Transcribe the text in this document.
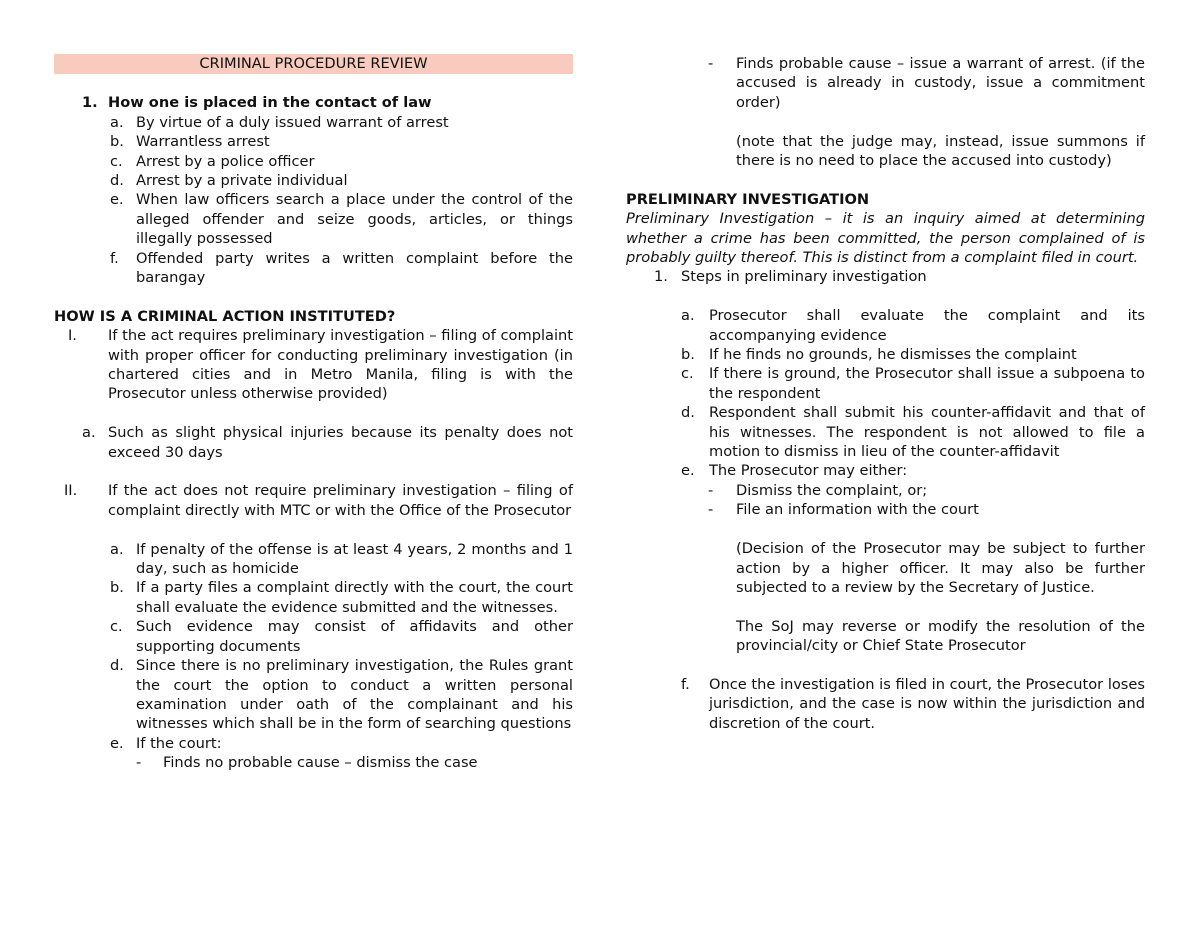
CRIMINAL PROCEDURE REVIEW
1. How one is placed in the contact of law
a. By virtue of a duly issued warrant of arrest
b. Warrantless arrest
c. Arrest by a police officer
d. Arrest by a private individual
e. When law officers search a place under the control of the alleged offender and seize goods, articles, or things illegally possessed
f. Offended party writes a written complaint before the barangay
HOW IS A CRIMINAL ACTION INSTITUTED?
I. If the act requires preliminary investigation – filing of complaint with proper officer for conducting preliminary investigation (in chartered cities and in Metro Manila, filing is with the Prosecutor unless otherwise provided)
a. Such as slight physical injuries because its penalty does not exceed 30 days
II. If the act does not require preliminary investigation – filing of complaint directly with MTC or with the Office of the Prosecutor
a. If penalty of the offense is at least 4 years, 2 months and 1 day, such as homicide
b. If a party files a complaint directly with the court, the court shall evaluate the evidence submitted and the witnesses.
c. Such evidence may consist of affidavits and other supporting documents
d. Since there is no preliminary investigation, the Rules grant the court the option to conduct a written personal examination under oath of the complainant and his witnesses which shall be in the form of searching questions
e. If the court:
- Finds no probable cause – dismiss the case
- Finds probable cause – issue a warrant of arrest. (if the accused is already in custody, issue a commitment order)
(note that the judge may, instead, issue summons if there is no need to place the accused into custody)
PRELIMINARY INVESTIGATION
Preliminary Investigation – it is an inquiry aimed at determining whether a crime has been committed, the person complained of is probably guilty thereof. This is distinct from a complaint filed in court.
1. Steps in preliminary investigation
a. Prosecutor shall evaluate the complaint and its accompanying evidence
b. If he finds no grounds, he dismisses the complaint
c. If there is ground, the Prosecutor shall issue a subpoena to the respondent
d. Respondent shall submit his counter-affidavit and that of his witnesses. The respondent is not allowed to file a motion to dismiss in lieu of the counter-affidavit
e. The Prosecutor may either:
- Dismiss the complaint, or;
- File an information with the court
(Decision of the Prosecutor may be subject to further action by a higher officer. It may also be further subjected to a review by the Secretary of Justice.
The SoJ may reverse or modify the resolution of the provincial/city or Chief State Prosecutor
f. Once the investigation is filed in court, the Prosecutor loses jurisdiction, and the case is now within the jurisdiction and discretion of the court.
